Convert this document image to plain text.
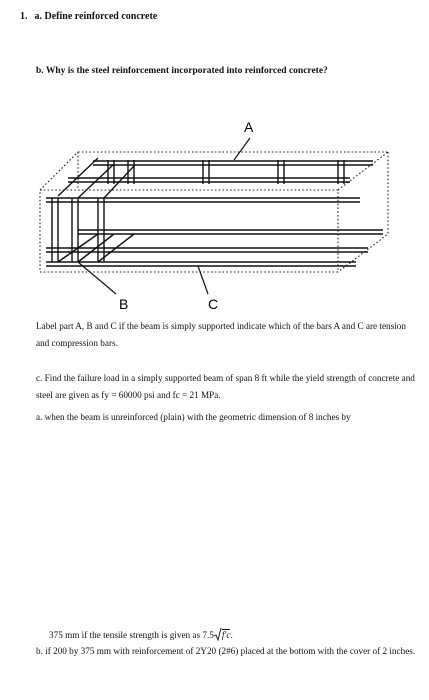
1. a. Define reinforced concrete
b. Why is the steel reinforcement incorporated into reinforced concrete?
A
B	C
Label part A, B and C if the beam is simply supported indicate which of the bars A and C are tension and compression bars.
c. Find the failure load in a simply supported beam of span 8 ft while the yield strength of concrete and steel are given as fy = 60000 psi and fc = 21 MPa.
a. when the beam is unreinforced (plain) with the geometric dimension of 8 inches by
375 mm if the tensile strength is given as 7.5 f′c.
b. if 200 by 375 mm with reinforcement of 2Y20 (2#6) placed at the bottom with the cover of 2 inches.
